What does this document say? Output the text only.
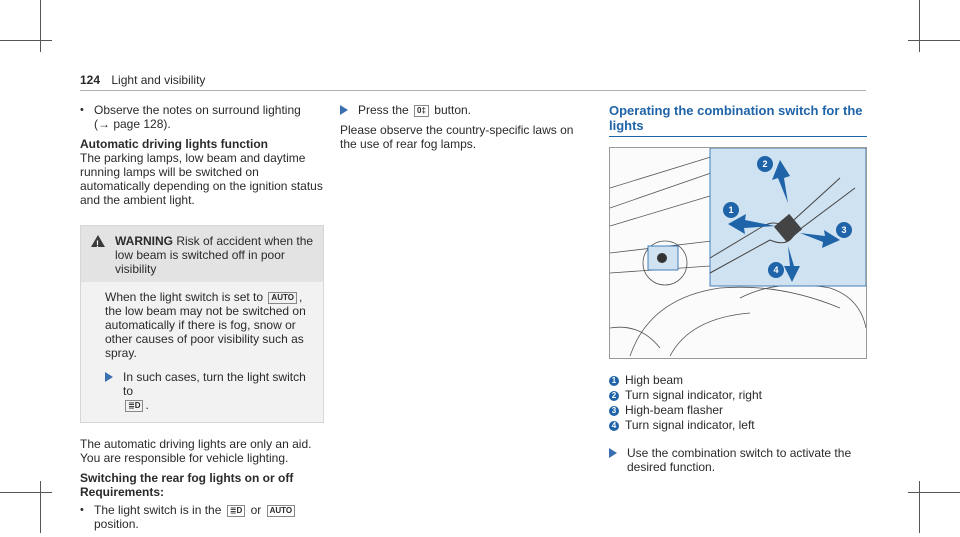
124 Light and visibility
• Observe the notes on surround lighting
(→ page 128).
Automatic driving lights function

The parking lamps, low beam and daytime running lamps will be switched on automatically depending on the ignition status and the ambient light.

!
WARNING Risk of accident when the low beam is switched off in poor visibility
When the light switch is set to AUTO , the low beam may not be switched on automatically if there is fog, snow or other causes of poor visibility such as spray.
In such cases, turn the light switch to
≣D .

The automatic driving lights are only an aid. You are responsible for vehicle lighting.

Switching the rear fog lights on or off
Requirements:
• The light switch is in the ≣D or AUTO position.
Press the 0‡ button.

Please observe the country-specific laws on the use of rear fog lamps.

Operating the combination switch for the lights
1
2
3
4
1 High beam
2 Turn signal indicator, right
3 High-beam flasher
4 Turn signal indicator, left
Use the combination switch to activate the desired function.
